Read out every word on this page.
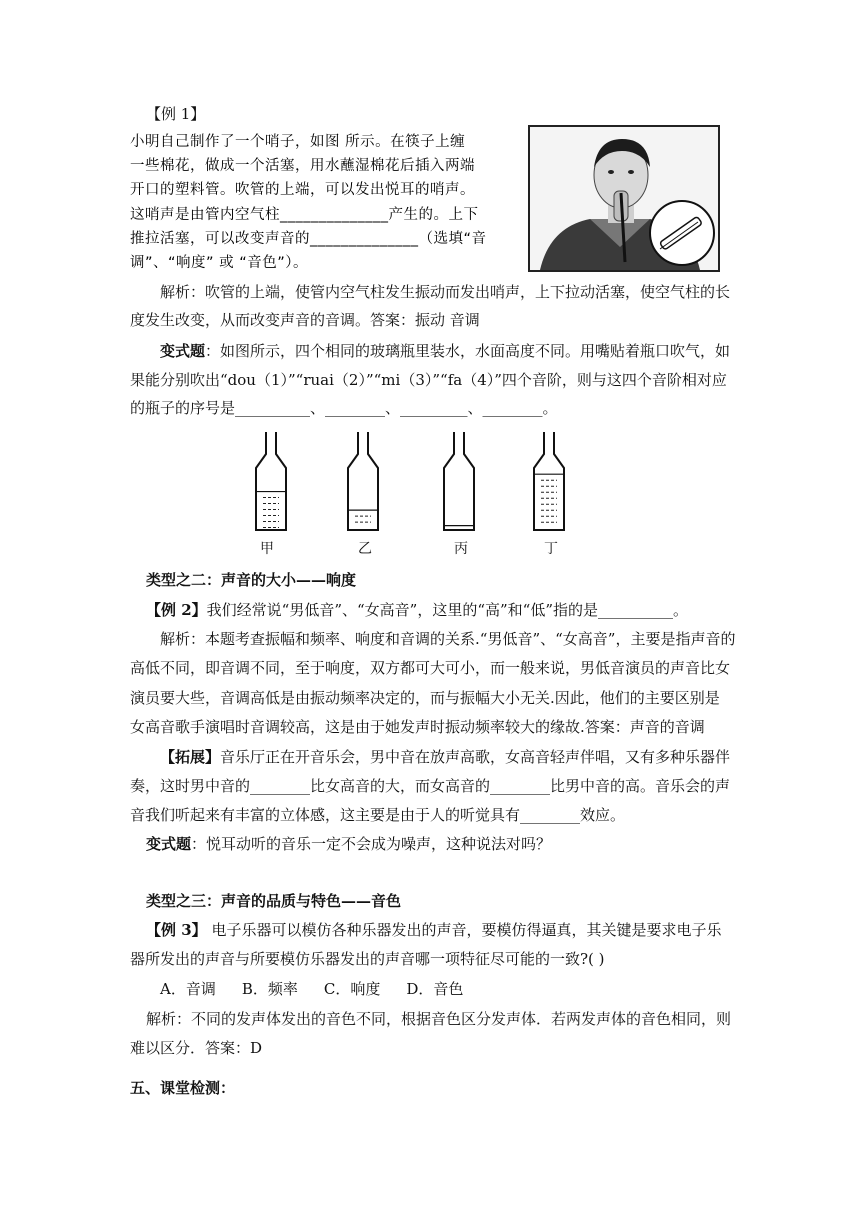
【例 1】
小明自己制作了一个哨子，如图 所示。在筷子上缠
一些棉花，做成一个活塞，用水蘸湿棉花后插入两端
开口的塑料管。吹管的上端，可以发出悦耳的哨声。
这哨声是由管内空气柱______________产生的。上下
推拉活塞，可以改变声音的______________（选填“音
调”、“响度” 或 “音色”）。
解析：吹管的上端，使管内空气柱发生振动而发出哨声，上下拉动活塞，使空气柱的长
度发生改变，从而改变声音的音调。答案：振动 音调
变式题：如图所示，四个相同的玻璃瓶里装水，水面高度不同。用嘴贴着瓶口吹气，如
果能分别吹出“dou（1）”“ruai（2）”“mi（3）”“fa（4）”四个音阶，则与这四个音阶相对应
的瓶子的序号是__________、________、_________、________。
甲	乙	丙	丁
类型之二：声音的大小——响度
【例 2】我们经常说“男低音”、“女高音”，这里的“高”和“低”指的是__________。
解析：本题考查振幅和频率、响度和音调的关系.“男低音”、“女高音”，主要是指声音的
高低不同，即音调不同，至于响度，双方都可大可小，而一般来说，男低音演员的声音比女
演员要大些，音调高低是由振动频率决定的，而与振幅大小无关.因此，他们的主要区别是
女高音歌手演唱时音调较高，这是由于她发声时振动频率较大的缘故.答案：声音的音调
【拓展】音乐厅正在开音乐会，男中音在放声高歌，女高音轻声伴唱，又有多种乐器伴
奏，这时男中音的________比女高音的大，而女高音的________比男中音的高。音乐会的声
音我们听起来有丰富的立体感，这主要是由于人的听觉具有________效应。
变式题：悦耳动听的音乐一定不会成为噪声，这种说法对吗？
类型之三：声音的品质与特色——音色
【例 3】 电子乐器可以模仿各种乐器发出的声音，要模仿得逼真，其关键是要求电子乐
器所发出的声音与所要模仿乐器发出的声音哪一项特征尽可能的一致?( )
A．音调 B．频率 C．响度 D．音色
解析：不同的发声体发出的音色不同，根据音色区分发声体．若两发声体的音色相同，则
难以区分．答案：D
五、课堂检测：
